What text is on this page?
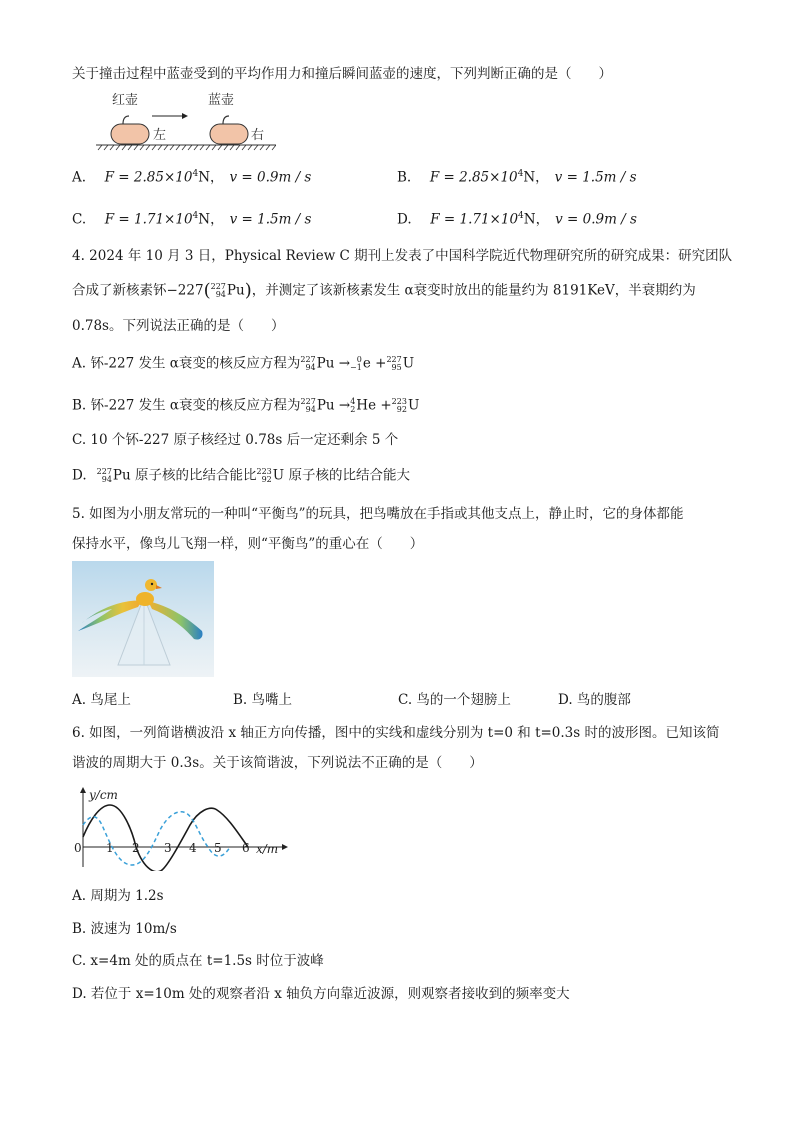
关于撞击过程中蓝壶受到的平均作用力和撞后瞬间蓝壶的速度，下列判断正确的是（　　）
红壶	蓝壶
左	右
A. $F = 2.85\times 10^4N$， v = 0.9m / s	B. $F = 2.85\times 10^4N$， v = 1.5m / s
C. $F = 1.71\times 10^4N$， v = 1.5m / s	D. $F = 1.71\times 10^4N$， v = 0.9m / s
4. 2024 年 10 月 3 日，Physical Review C 期刊上发表了中国科学院近代物理研究所的研究成果：研究团队
合成了新核素钚−227( 227
94 Pu)，并测定了该新核素发生 α衰变时放出的能量约为 8191KeV，半衰期约为
0.78s。下列说法正确的是（　　）
A. 钚-227 发生 α衰变的核反应方程为 227
94 Pu → 0
−1 e + 227
95 U
B. 钚-227 发生 α衰变的核反应方程为 227
94 Pu → 4
2 He + 223
92 U
C. 10 个钚-227 原子核经过 0.78s 后一定还剩余 5 个
D. 227
94 Pu 原子核的比结合能比 223
92 U 原子核的比结合能大
5. 如图为小朋友常玩的一种叫“平衡鸟”的玩具，把鸟嘴放在手指或其他支点上，静止时，它的身体都能
保持水平，像鸟儿飞翔一样，则“平衡鸟”的重心在（　　）
A. 鸟尾上	B. 鸟嘴上	C. 鸟的一个翅膀上	D. 鸟的腹部
6. 如图，一列简谐横波沿 x 轴正方向传播，图中的实线和虚线分别为 t=0 和 t=0.3s 时的波形图。已知该简
谐波的周期大于 0.3s。关于该简谐波，下列说法不正确的是（　　）
y/cm
x/m
0 1 2 3 4 5 6
A. 周期为 1.2s
B. 波速为 10m/s
C. x=4m 处的质点在 t=1.5s 时位于波峰
D. 若位于 x=10m 处的观察者沿 x 轴负方向靠近波源，则观察者接收到的频率变大
